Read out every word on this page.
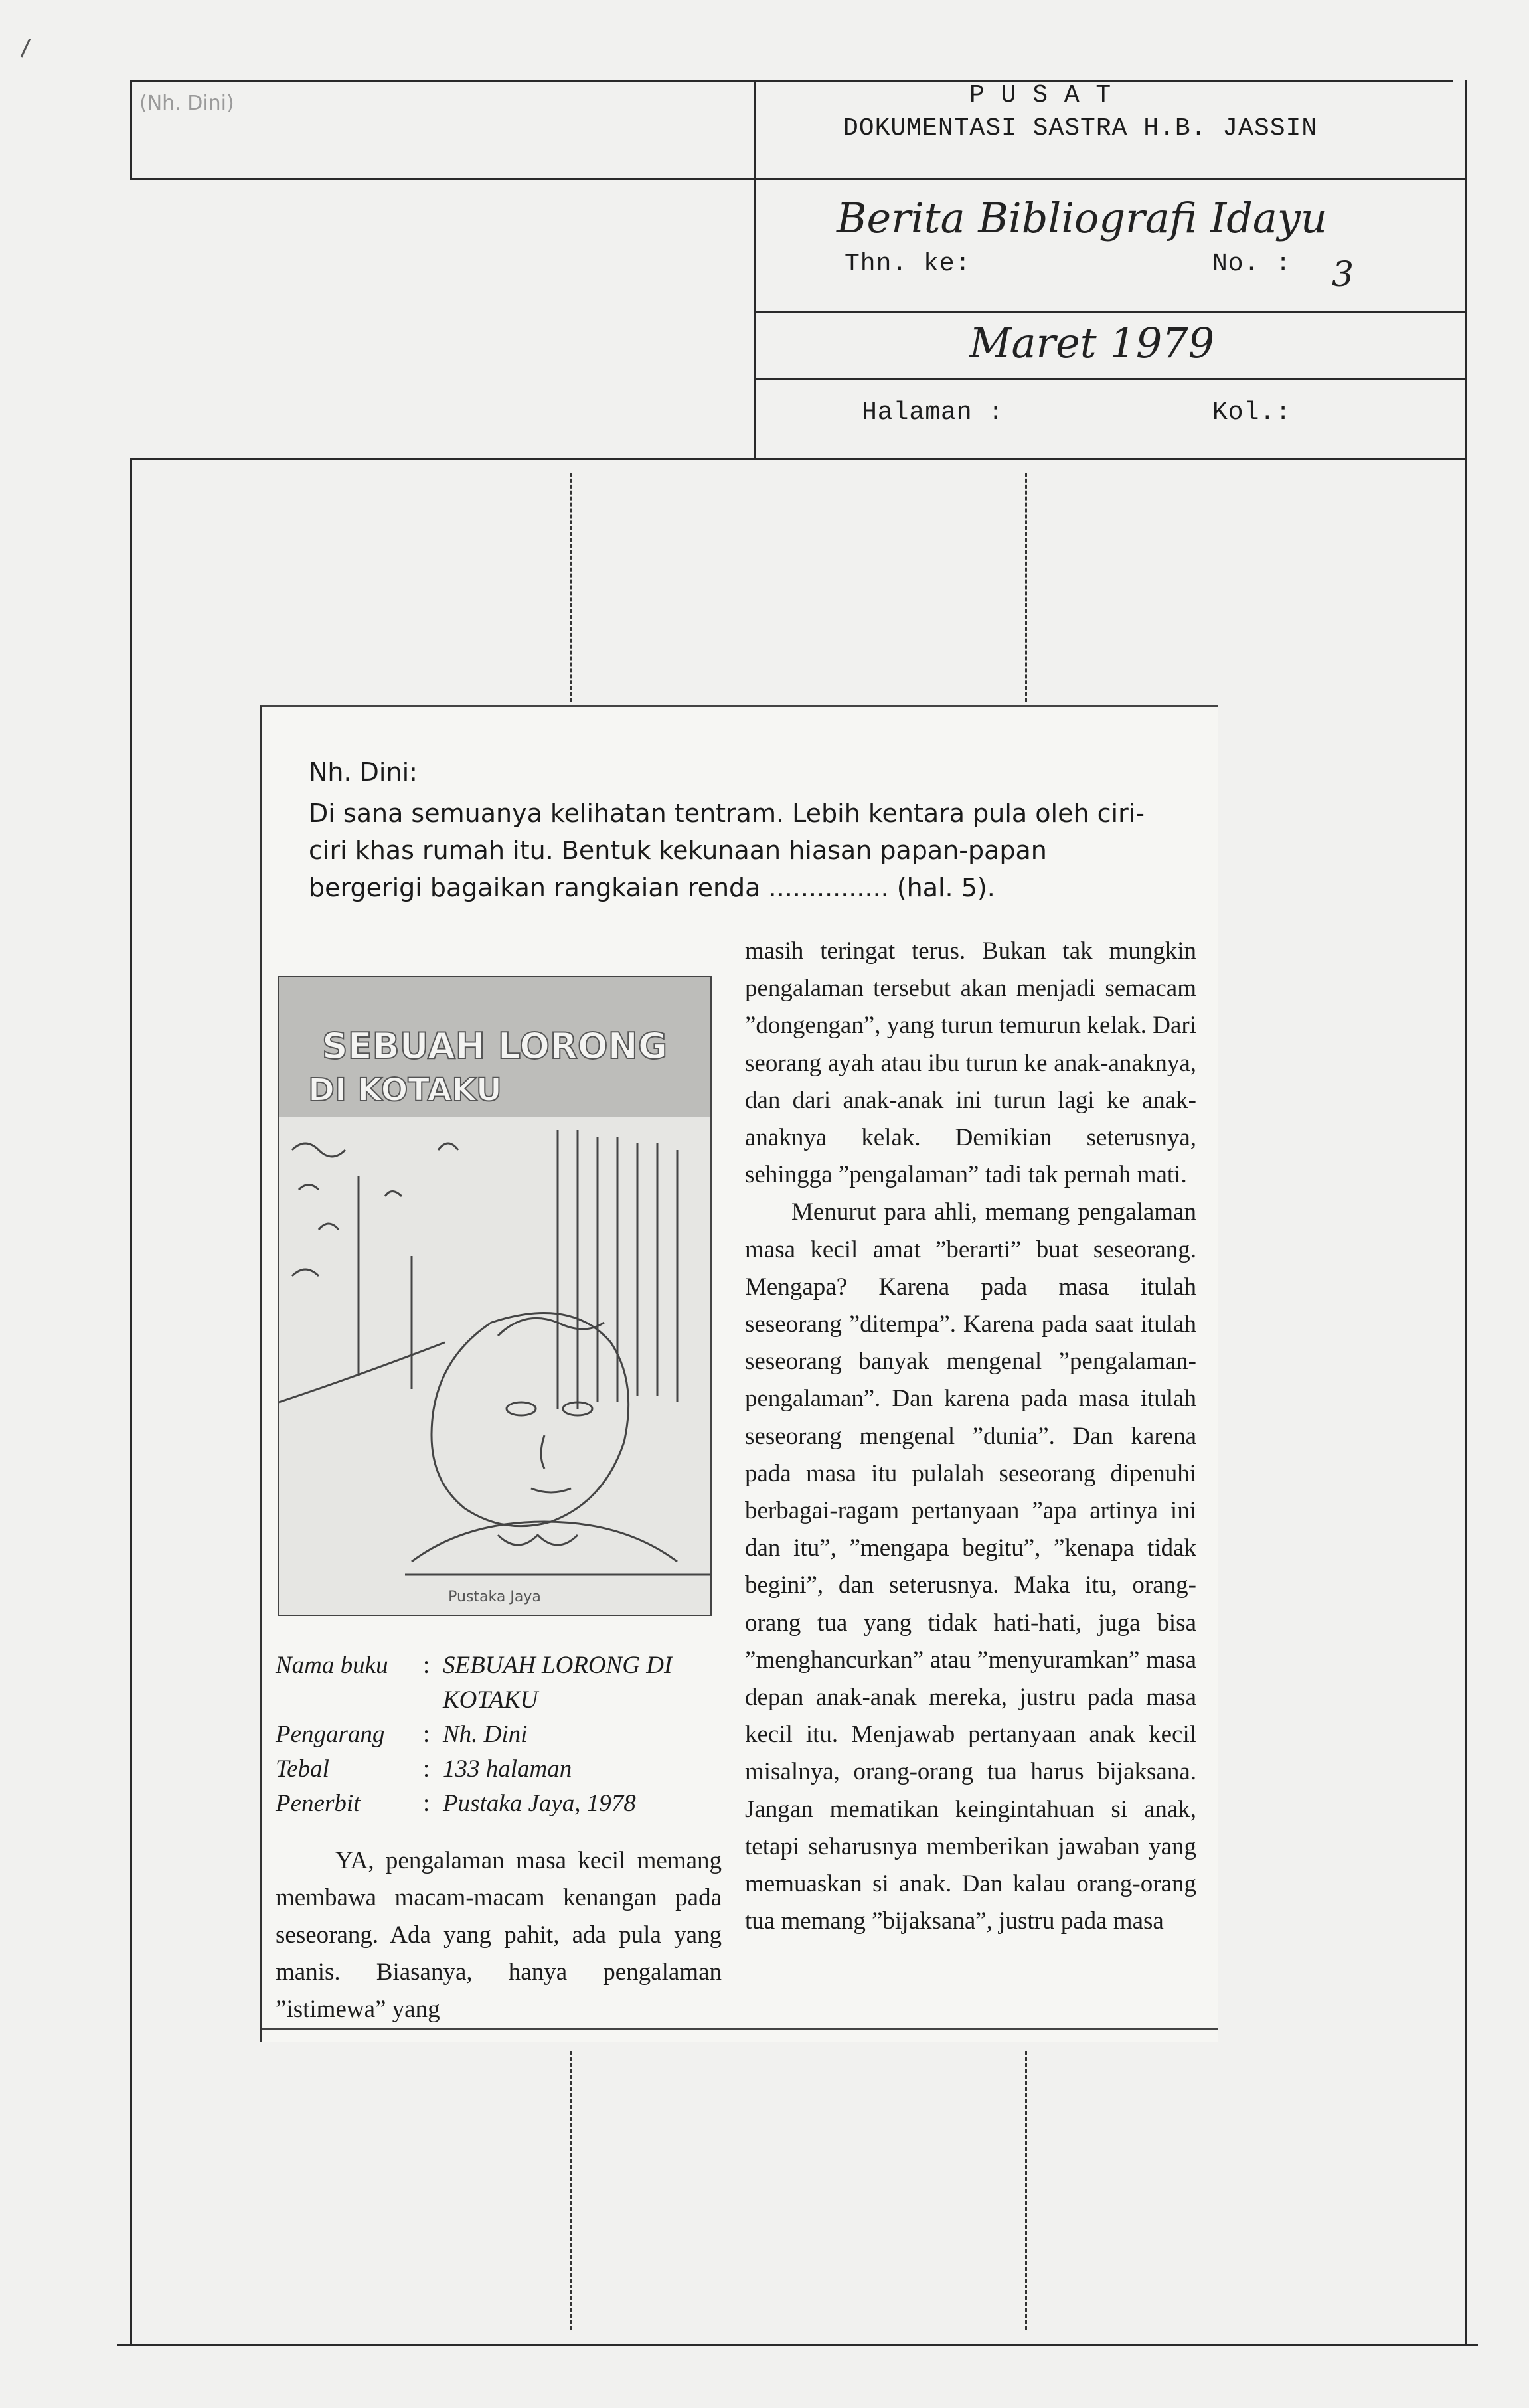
(Nh. Dini)	P U S A T
DOKUMENTASI SASTRA H.B. JASSIN
Berita Bibliografi Idayu
Thn. ke:	No. : 3
Maret 1979
Halaman :	Kol.:
Nh. Dini:
Di sana semuanya kelihatan tentram. Lebih kentara pula oleh ciri-ciri khas rumah itu. Bentuk kekunaan hiasan papan-papan bergerigi bagaikan rangkaian renda ............... (hal. 5).
SEBUAH LORONG
DI KOTAKU
Pustaka Jaya
Nama buku	: SEBUAH LORONG DI KOTAKU
Pengarang	: Nh. Dini
Tebal	: 133 halaman
Penerbit	: Pustaka Jaya, 1978

YA, pengalaman masa kecil memang membawa macam-macam kenangan pada seseorang. Ada yang pahit, ada pula yang manis. Biasanya, hanya pengalaman ”istimewa” yang

masih teringat terus. Bukan tak mungkin pengalaman tersebut akan menjadi semacam ”dongengan”, yang turun temurun kelak. Dari seorang ayah atau ibu turun ke anak-anaknya, dan dari anak-anak ini turun lagi ke anak-anaknya kelak. Demikian seterusnya, sehingga ”pengalaman” tadi tak pernah mati.

Menurut para ahli, memang pengalaman masa kecil amat ”berarti” buat seseorang. Mengapa? Karena pada masa itulah seseorang ”ditempa”. Karena pada saat itulah seseorang banyak mengenal ”pengalaman-pengalaman”. Dan karena pada masa itulah seseorang mengenal ”dunia”. Dan karena pada masa itu pulalah seseorang dipenuhi berbagai-ragam pertanyaan ”apa artinya ini dan itu”, ”mengapa begitu”, ”kenapa tidak begini”, dan seterusnya. Maka itu, orang-orang tua yang tidak hati-hati, juga bisa ”menghancurkan” atau ”menyuramkan” masa depan anak-anak mereka, justru pada masa kecil itu. Menjawab pertanyaan anak kecil misalnya, orang-orang tua harus bijaksana. Jangan mematikan keingintahuan si anak, tetapi seharusnya memberikan jawaban yang memuaskan si anak. Dan kalau orang-orang tua memang ”bijaksana”, justru pada masa
